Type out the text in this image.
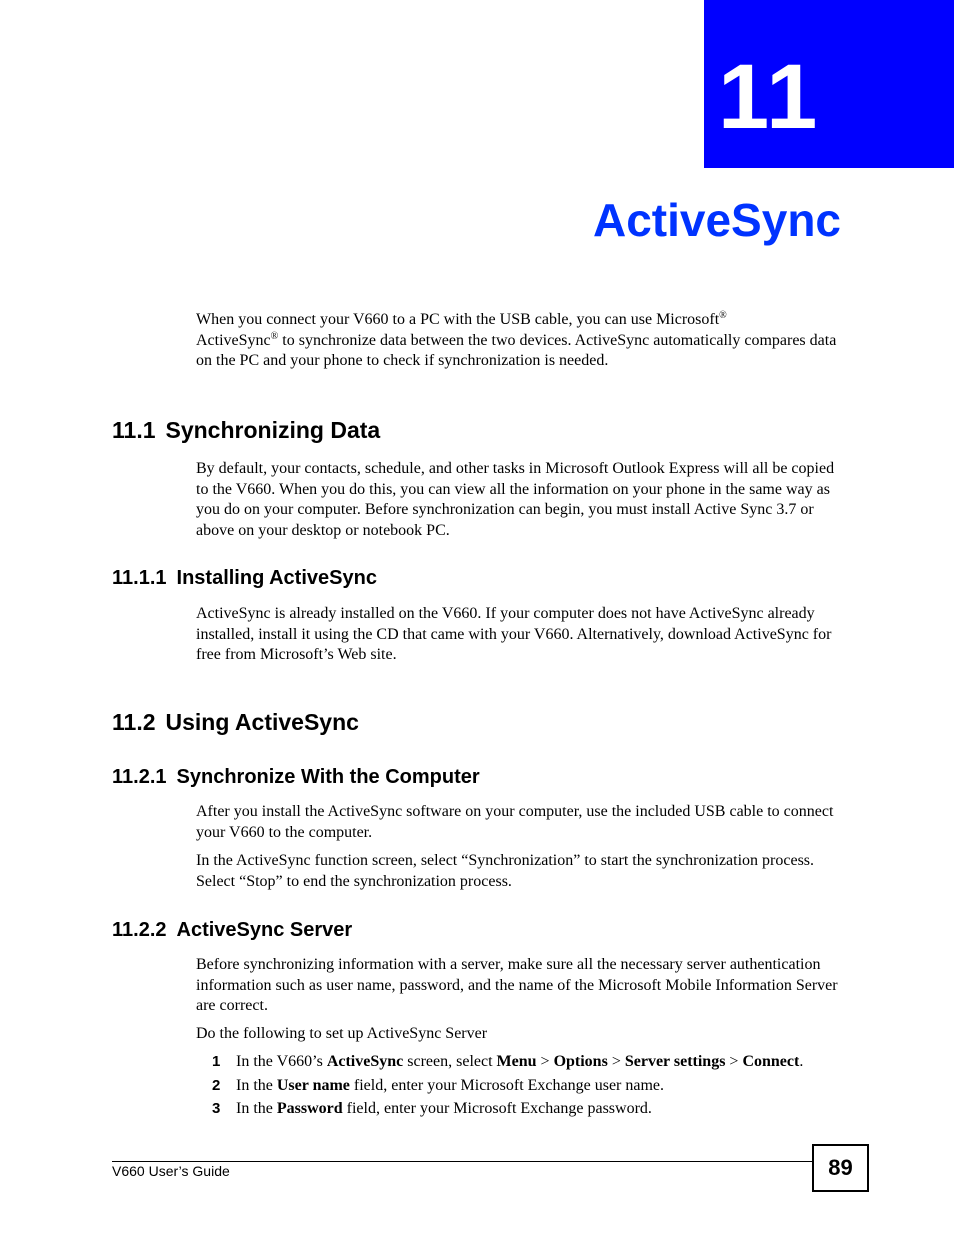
11
ActiveSync

When you connect your V660 to a PC with the USB cable, you can use Microsoft®
ActiveSync® to synchronize data between the two devices. ActiveSync automatically compares data on the PC and your phone to check if synchronization is needed.

11.1 Synchronizing Data

By default, your contacts, schedule, and other tasks in Microsoft Outlook Express will all be copied to the V660. When you do this, you can view all the information on your phone in the same way as you do on your computer. Before synchronization can begin, you must install Active Sync 3.7 or above on your desktop or notebook PC.

11.1.1 Installing ActiveSync

ActiveSync is already installed on the V660. If your computer does not have ActiveSync already installed, install it using the CD that came with your V660. Alternatively, download ActiveSync for free from Microsoft’s Web site.

11.2 Using ActiveSync
11.2.1 Synchronize With the Computer

After you install the ActiveSync software on your computer, use the included USB cable to connect your V660 to the computer.

In the ActiveSync function screen, select “Synchronization” to start the synchronization process. Select “Stop” to end the synchronization process.

11.2.2 ActiveSync Server

Before synchronizing information with a server, make sure all the necessary server authentication information such as user name, password, and the name of the Microsoft Mobile Information Server are correct.

Do the following to set up ActiveSync Server

1 In the V660’s ActiveSync screen, select Menu > Options > Server settings > Connect.
2 In the User name field, enter your Microsoft Exchange user name.
3 In the Password field, enter your Microsoft Exchange password.
V660 User’s Guide	89
